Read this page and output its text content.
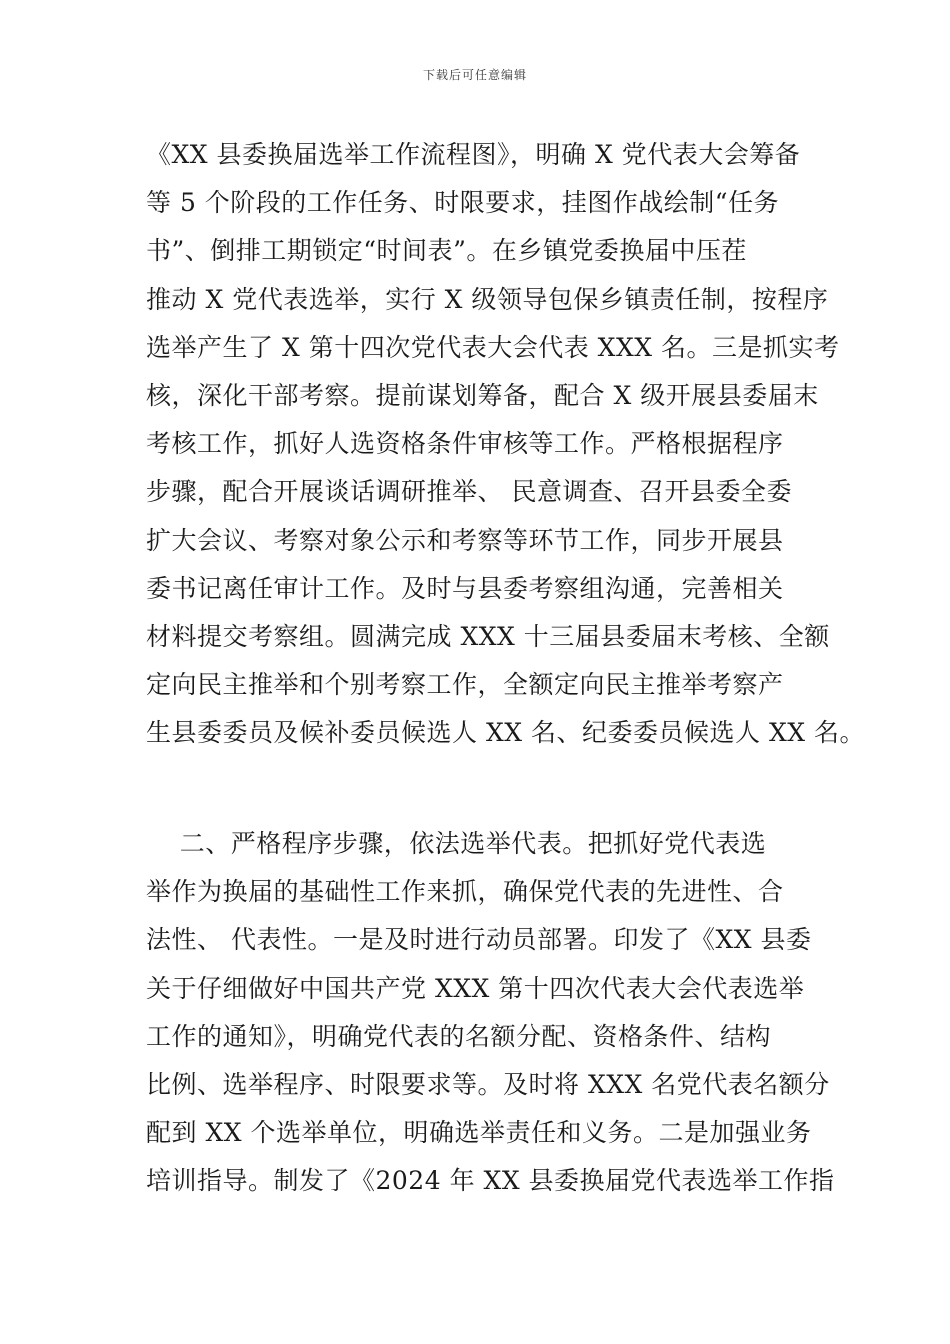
下载后可任意编辑
《XX 县委换届选举工作流程图》，明确 X 党代表大会筹备
等 5 个阶段的工作任务、时限要求，挂图作战绘制“任务
书”、倒排工期锁定“时间表”。在乡镇党委换届中压茬
推动 X 党代表选举，实行 X 级领导包保乡镇责任制，按程序
选举产生了 X 第十四次党代表大会代表 XXX 名。三是抓实考
核，深化干部考察。提前谋划筹备，配合 X 级开展县委届末
考核工作，抓好人选资格条件审核等工作。严格根据程序
步骤，配合开展谈话调研推举、 民意调查、召开县委全委
扩大会议、考察对象公示和考察等环节工作，同步开展县
委书记离任审计工作。及时与县委考察组沟通，完善相关
材料提交考察组。圆满完成 XXX 十三届县委届末考核、全额
定向民主推举和个别考察工作，全额定向民主推举考察产
生县委委员及候补委员候选人 XX 名、纪委委员候选人 XX 名。
二、严格程序步骤，依法选举代表。把抓好党代表选
举作为换届的基础性工作来抓，确保党代表的先进性、合
法性、 代表性。一是及时进行动员部署。印发了《XX 县委
关于仔细做好中国共产党 XXX 第十四次代表大会代表选举
工作的通知》，明确党代表的名额分配、资格条件、结构
比例、选举程序、时限要求等。及时将 XXX 名党代表名额分
配到 XX 个选举单位，明确选举责任和义务。二是加强业务
培训指导。制发了《2024 年 XX 县委换届党代表选举工作指
